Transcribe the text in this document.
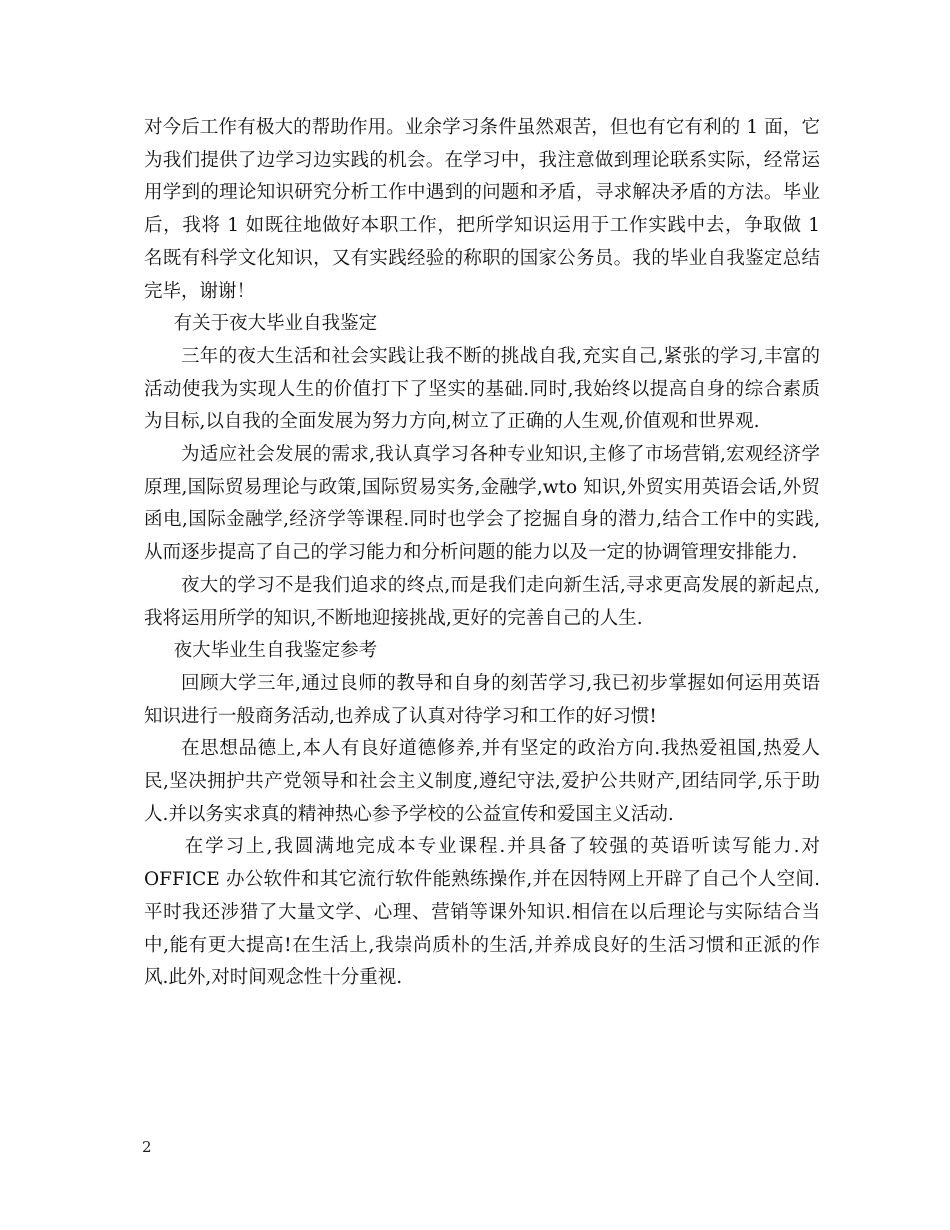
对今后工作有极大的帮助作用。业余学习条件虽然艰苦，但也有它有利的 1 面，它为我们提供了边学习边实践的机会。在学习中，我注意做到理论联系实际，经常运用学到的理论知识研究分析工作中遇到的问题和矛盾，寻求解决矛盾的方法。毕业后，我将 1 如既往地做好本职工作，把所学知识运用于工作实践中去，争取做 1 名既有科学文化知识，又有实践经验的称职的国家公务员。我的毕业自我鉴定总结完毕，谢谢！

有关于夜大毕业自我鉴定

三年的夜大生活和社会实践让我不断的挑战自我,充实自己,紧张的学习,丰富的活动使我为实现人生的价值打下了坚实的基础.同时,我始终以提高自身的综合素质为目标,以自我的全面发展为努力方向,树立了正确的人生观,价值观和世界观.

为适应社会发展的需求,我认真学习各种专业知识,主修了市场营销,宏观经济学原理,国际贸易理论与政策,国际贸易实务,金融学,wto 知识,外贸实用英语会话,外贸函电,国际金融学,经济学等课程.同时也学会了挖掘自身的潜力,结合工作中的实践,从而逐步提高了自己的学习能力和分析问题的能力以及一定的协调管理安排能力.

夜大的学习不是我们追求的终点,而是我们走向新生活,寻求更高发展的新起点,我将运用所学的知识,不断地迎接挑战,更好的完善自己的人生.

夜大毕业生自我鉴定参考

回顾大学三年,通过良师的教导和自身的刻苦学习,我已初步掌握如何运用英语知识进行一般商务活动,也养成了认真对待学习和工作的好习惯!

在思想品德上,本人有良好道德修养,并有坚定的政治方向.我热爱祖国,热爱人民,坚决拥护共产党领导和社会主义制度,遵纪守法,爱护公共财产,团结同学,乐于助人.并以务实求真的精神热心参予学校的公益宣传和爱国主义活动.

在学习上,我圆满地完成本专业课程.并具备了较强的英语听读写能力.对 OFFICE 办公软件和其它流行软件能熟练操作,并在因特网上开辟了自己个人空间.平时我还涉猎了大量文学、心理、营销等课外知识.相信在以后理论与实际结合当中,能有更大提高!在生活上,我崇尚质朴的生活,并养成良好的生活习惯和正派的作风.此外,对时间观念性十分重视.

2
